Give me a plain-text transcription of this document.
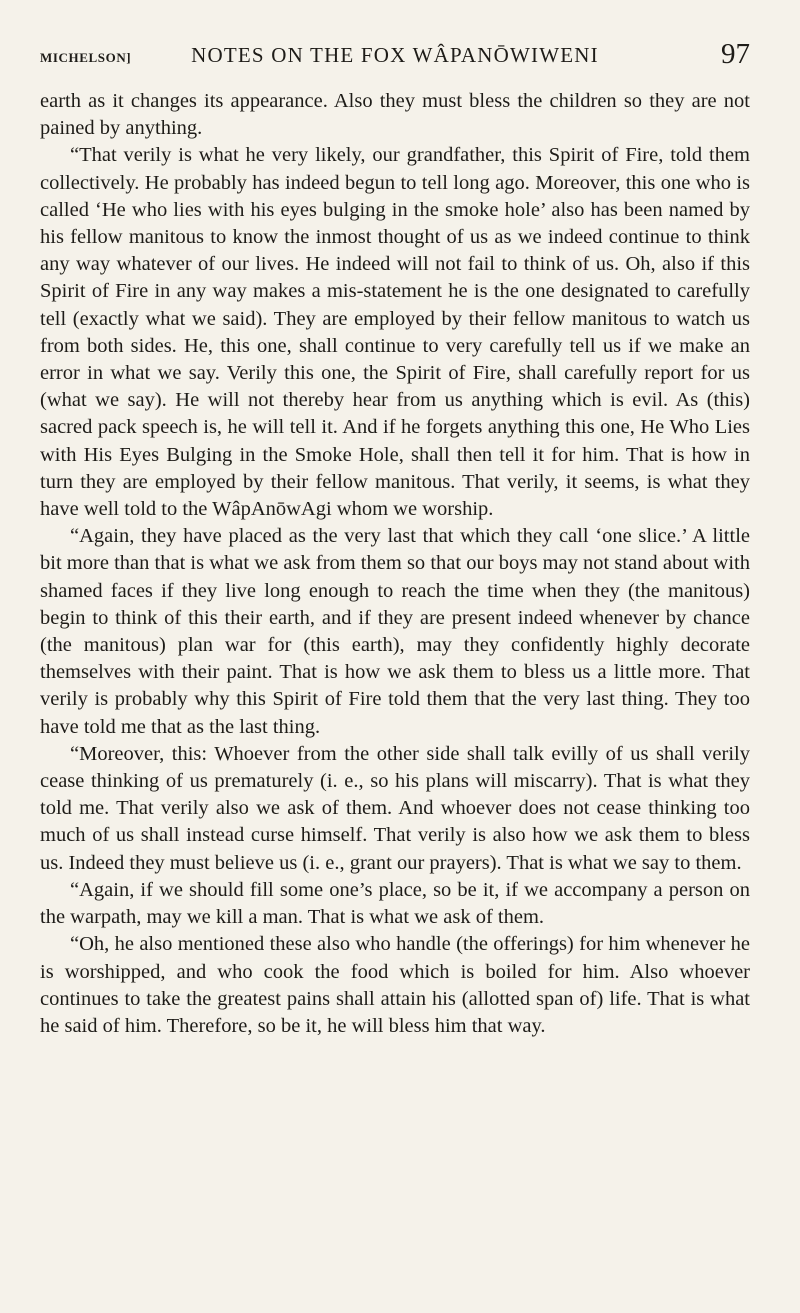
MICHELSON]	NOTES ON THE FOX WÂPANŌWIWENI	97

earth as it changes its appearance. Also they must bless the children so they are not pained by anything.

“That verily is what he very likely, our grandfather, this Spirit of Fire, told them collectively. He probably has indeed begun to tell long ago. Moreover, this one who is called ‘He who lies with his eyes bulging in the smoke hole’ also has been named by his fellow manitous to know the inmost thought of us as we indeed continue to think any way whatever of our lives. He indeed will not fail to think of us. Oh, also if this Spirit of Fire in any way makes a mis-statement he is the one designated to carefully tell (exactly what we said). They are employed by their fellow manitous to watch us from both sides. He, this one, shall continue to very carefully tell us if we make an error in what we say. Verily this one, the Spirit of Fire, shall carefully report for us (what we say). He will not thereby hear from us anything which is evil. As (this) sacred pack speech is, he will tell it. And if he forgets anything this one, He Who Lies with His Eyes Bulging in the Smoke Hole, shall then tell it for him. That is how in turn they are employed by their fellow manitous. That verily, it seems, is what they have well told to the WâpAnōwAgi whom we worship.

“Again, they have placed as the very last that which they call ‘one slice.’ A little bit more than that is what we ask from them so that our boys may not stand about with shamed faces if they live long enough to reach the time when they (the manitous) begin to think of this their earth, and if they are present indeed whenever by chance (the manitous) plan war for (this earth), may they confidently highly decorate themselves with their paint. That is how we ask them to bless us a little more. That verily is probably why this Spirit of Fire told them that the very last thing. They too have told me that as the last thing.

“Moreover, this: Whoever from the other side shall talk evilly of us shall verily cease thinking of us prematurely (i. e., so his plans will miscarry). That is what they told me. That verily also we ask of them. And whoever does not cease thinking too much of us shall instead curse himself. That verily is also how we ask them to bless us. Indeed they must believe us (i. e., grant our prayers). That is what we say to them.

“Again, if we should fill some one’s place, so be it, if we accompany a person on the warpath, may we kill a man. That is what we ask of them.

“Oh, he also mentioned these also who handle (the offerings) for him whenever he is worshipped, and who cook the food which is boiled for him. Also whoever continues to take the greatest pains shall attain his (allotted span of) life. That is what he said of him. Therefore, so be it, he will bless him that way.
